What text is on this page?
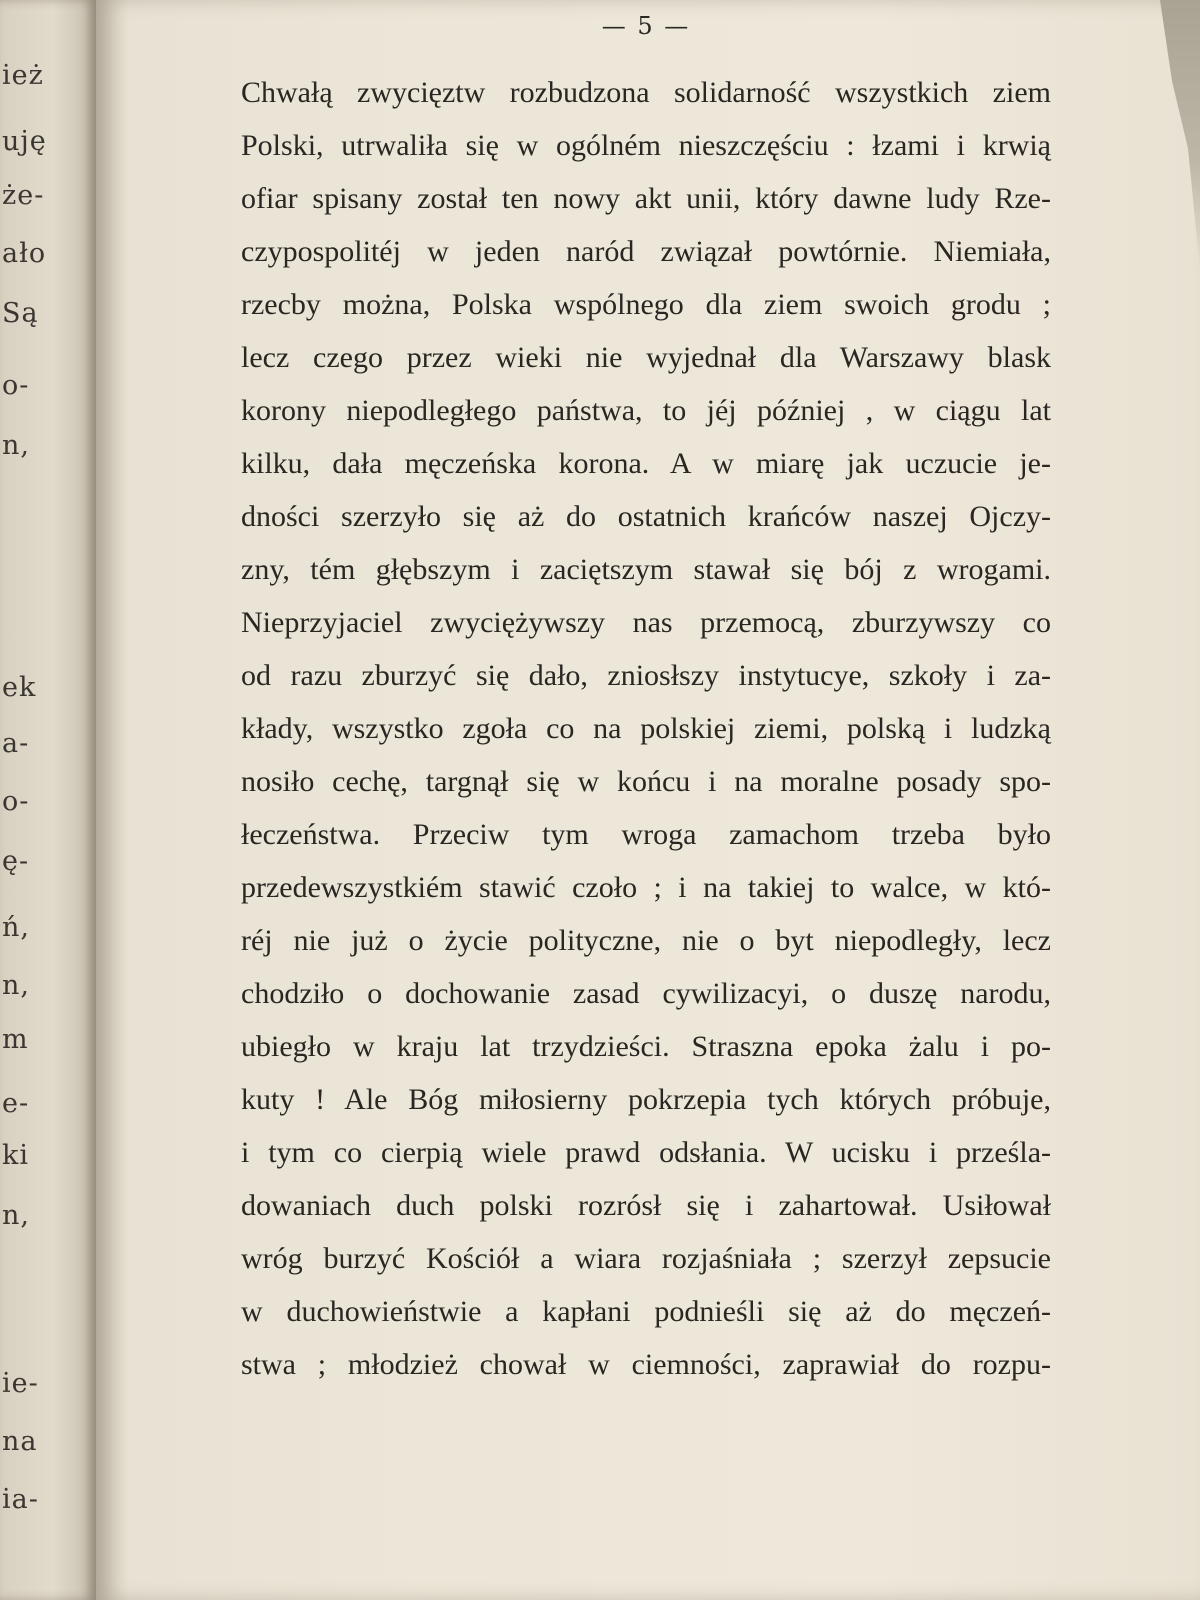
ież
uję
że-
ało
Są
o-
n,
ek
a-
o-
ę-
ń,
n,
m
e-
ki
n,
ie-
na
ia-
— 5 —
Chwałą zwycięztw rozbudzona solidarność wszystkich ziem
Polski, utrwaliła się w ogólném nieszczęściu : łzami i krwią
ofiar spisany został ten nowy akt unii, który dawne ludy Rze-
czypospolitéj w jeden naród związał powtórnie. Niemiała,
rzecby można, Polska wspólnego dla ziem swoich grodu ;
lecz czego przez wieki nie wyjednał dla Warszawy blask
korony niepodległego państwa, to jéj później , w ciągu lat
kilku, dała męczeńska korona. A w miarę jak uczucie je-
dności szerzyło się aż do ostatnich krańców naszej Ojczy-
zny, tém głębszym i zaciętszym stawał się bój z wrogami.
Nieprzyjaciel zwyciężywszy nas przemocą, zburzywszy co
od razu zburzyć się dało, zniosłszy instytucye, szkoły i za-
kłady, wszystko zgoła co na polskiej ziemi, polską i ludzką
nosiło cechę, targnął się w końcu i na moralne posady spo-
łeczeństwa. Przeciw tym wroga zamachom trzeba było
przedewszystkiém stawić czoło ; i na takiej to walce, w któ-
réj nie już o życie polityczne, nie o byt niepodległy, lecz
chodziło o dochowanie zasad cywilizacyi, o duszę narodu,
ubiegło w kraju lat trzydzieści. Straszna epoka żalu i po-
kuty ! Ale Bóg miłosierny pokrzepia tych których próbuje,
i tym co cierpią wiele prawd odsłania. W ucisku i prześla-
dowaniach duch polski rozrósł się i zahartował. Usiłował
wróg burzyć Kościół a wiara rozjaśniała ; szerzył zepsucie
w duchowieństwie a kapłani podnieśli się aż do męczeń-
stwa ; młodzież chował w ciemności, zaprawiał do rozpu-
